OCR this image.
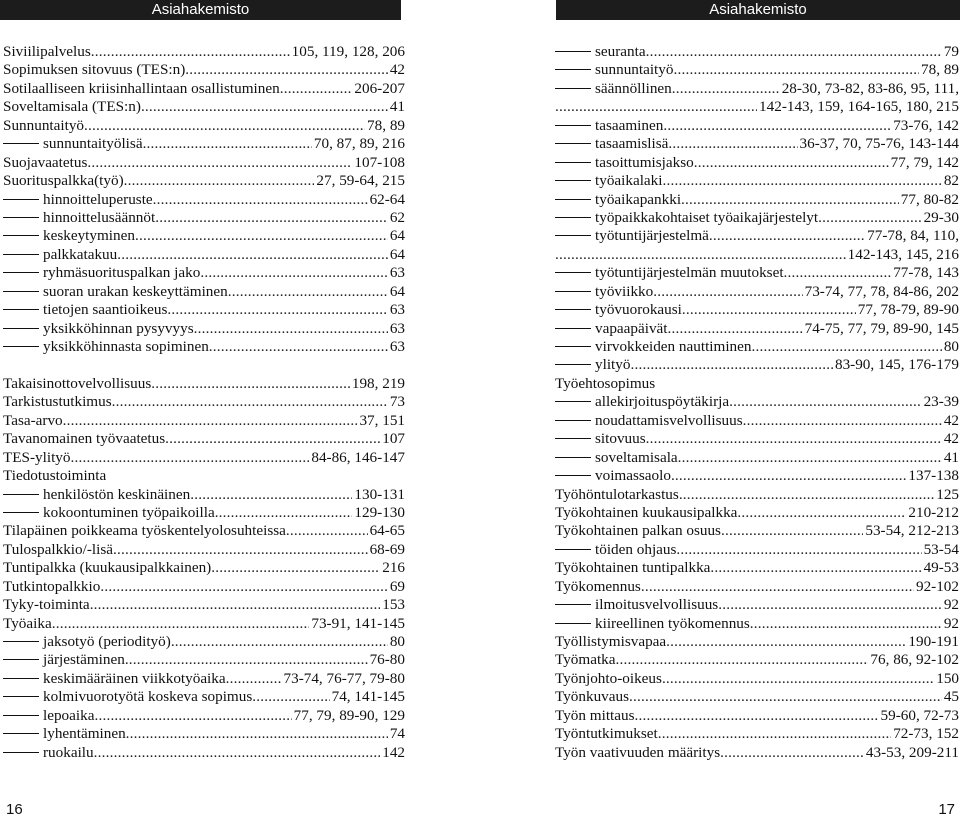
Asiahakemisto
Siviilipalvelus .....	105, 119, 128, 206
Sopimuksen sitovuus (TES:n) .....	42
Sotilaalliseen kriisinhallintaan osallistuminen .....	206-207
Soveltamisala (TES:n) .....	41
Sunnuntaityö .....	78, 89
sunnuntaityölisä .....	70, 87, 89, 216
Suojavaatetus .....	107-108
Suorituspalkka(työ) .....	27, 59-64, 215
hinnoitteluperuste .....	62-64
hinnoittelusäännöt .....	62
keskeytyminen .....	64
palkkatakuu .....	64
ryhmäsuorituspalkan jako .....	63
suoran urakan keskeyttäminen .....	64
tietojen saantioikeus .....	63
yksikköhinnan pysyvyys .....	63
yksikköhinnasta sopiminen .....	63
Takaisinottovelvollisuus .....	198, 219
Tarkistustutkimus .....	73
Tasa-arvo .....	37, 151
Tavanomainen työvaatetus .....	107
TES-ylityö .....	84-86, 146-147
Tiedotustoiminta
henkilöstön keskinäinen .....	130-131
kokoontuminen työpaikoilla .....	129-130
Tilapäinen poikkeama työskentelyolosuhteissa .....	64-65
Tulospalkkio/-lisä .....	68-69
Tuntipalkka (kuukausipalkkainen) .....	216
Tutkintopalkkio .....	69
Tyky-toiminta .....	153
Työaika .....	73-91, 141-145
jaksotyö (periodityö) .....	80
järjestäminen .....	76-80
keskimääräinen viikkotyöaika .....	73-74, 76-77, 79-80
kolmivuorotyötä koskeva sopimus .....	74, 141-145
lepoaika .....	77, 79, 89-90, 129
lyhentäminen .....	74
ruokailu .....	142
16
Asiahakemisto
seuranta .....	79
sunnuntaityö .....	78, 89
säännöllinen .....	28-30, 73-82, 83-86, 95, 111,
.....
142-143, 159, 164-165, 180, 215
tasaaminen .....	73-76, 142
tasaamislisä .....	36-37, 70, 75-76, 143-144
tasoittumisjakso .....	77, 79, 142
työaikalaki .....	82
työaikapankki .....	77, 80-82
työpaikkakohtaiset työaikajärjestelyt .....	29-30
työtuntijärjestelmä .....	77-78, 84, 110,
.....
142-143, 145, 216
työtuntijärjestelmän muutokset .....	77-78, 143
työviikko .....	73-74, 77, 78, 84-86, 202
työvuorokausi .....	77, 78-79, 89-90
vapaapäivät .....	74-75, 77, 79, 89-90, 145
virvokkeiden nauttiminen .....	80
ylityö .....	83-90, 145, 176-179
Työehtosopimus
allekirjoituspöytäkirja .....	23-39
noudattamisvelvollisuus .....	42
sitovuus .....	42
soveltamisala .....	41
voimassaolo .....	137-138
Työhöntulotarkastus .....	125
Työkohtainen kuukausipalkka .....	210-212
Työkohtainen palkan osuus .....	53-54, 212-213
töiden ohjaus .....	53-54
Työkohtainen tuntipalkka .....	49-53
Työkomennus .....	92-102
ilmoitusvelvollisuus .....	92
kiireellinen työkomennus .....	92
Työllistymisvapaa .....	190-191
Työmatka .....	76, 86, 92-102
Työnjohto-oikeus .....	150
Työnkuvaus .....	45
Työn mittaus .....	59-60, 72-73
Työntutkimukset .....	72-73, 152
Työn vaativuuden määritys .....	43-53, 209-211
17
